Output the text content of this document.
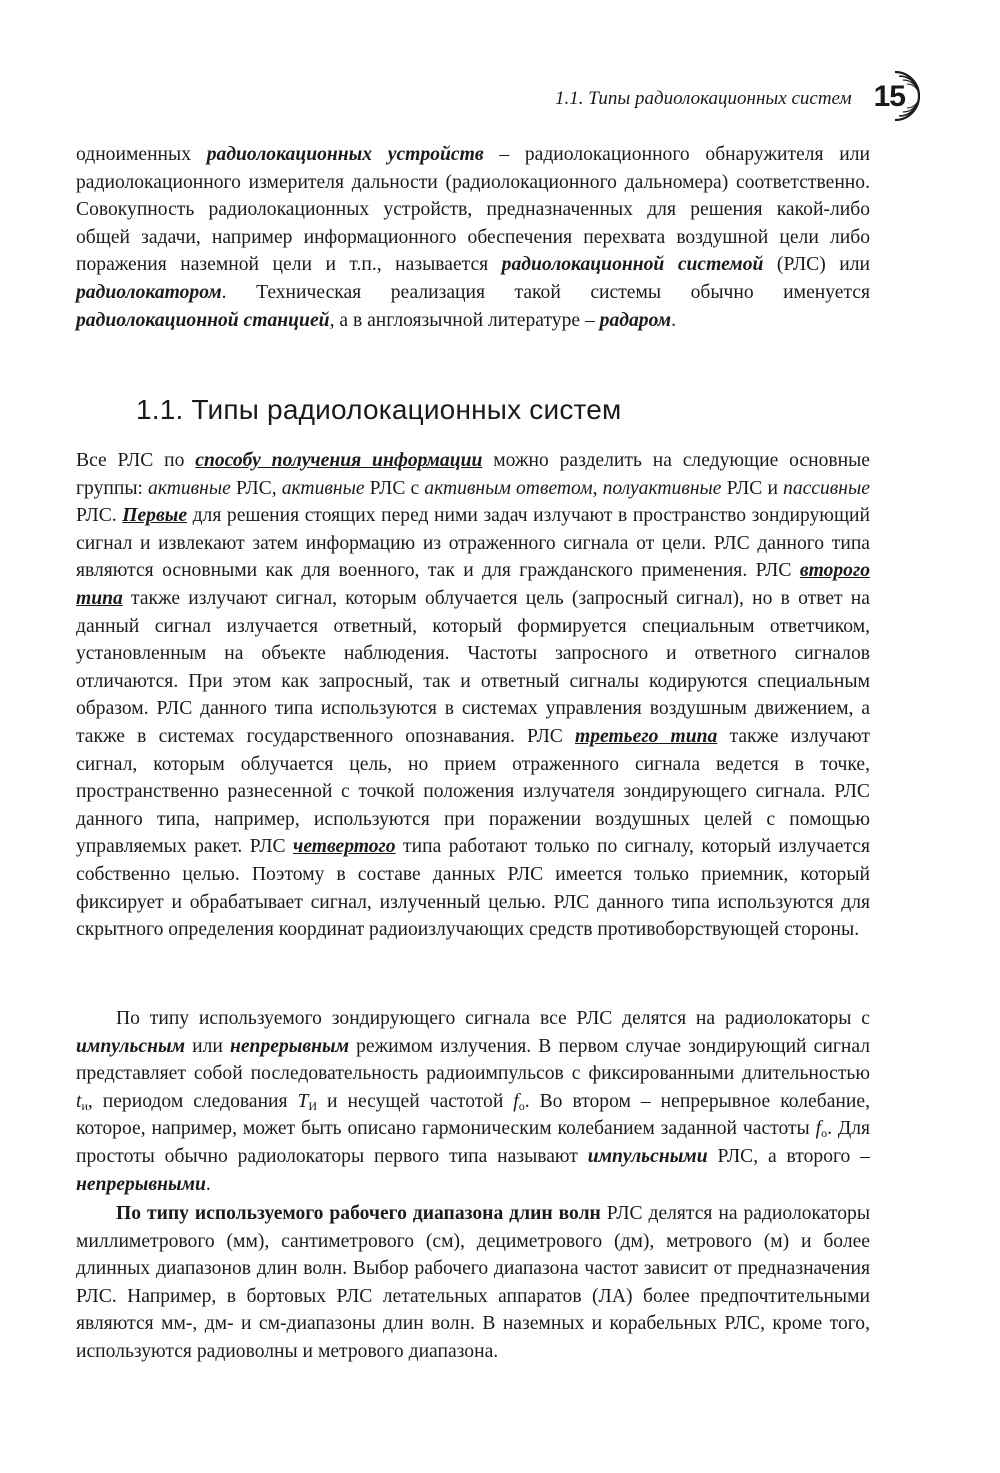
1.1. Типы радиолокационных систем 15

одноименных радиолокационных устройств – радиолокационного обнаружителя или радиолокационного измерителя дальности (радиолокационного дальномера) соответственно. Совокупность радиолокационных устройств, предназначенных для решения какой-либо общей задачи, например информационного обеспечения перехвата воздушной цели либо поражения наземной цели и т.п., называется радиолокационной системой (РЛС) или радиолокатором. Техническая реализация такой системы обычно именуется радиолокационной станцией, а в англоязычной литературе – радаром.

1.1. Типы радиолокационных систем

Все РЛС по способу получения информации можно разделить на следующие основные группы: активные РЛС, активные РЛС с активным ответом, полуактивные РЛС и пассивные РЛС. Первые для решения стоящих перед ними задач излучают в пространство зондирующий сигнал и извлекают затем информацию из отраженного сигнала от цели. РЛС данного типа являются основными как для военного, так и для гражданского применения. РЛС второго типа также излучают сигнал, которым облучается цель (запросный сигнал), но в ответ на данный сигнал излучается ответный, который формируется специальным ответчиком, установленным на объекте наблюдения. Частоты запросного и ответного сигналов отличаются. При этом как запросный, так и ответный сигналы кодируются специальным образом. РЛС данного типа используются в системах управления воздушным движением, а также в системах государственного опознавания. РЛС третьего типа также излучают сигнал, которым облучается цель, но прием отраженного сигнала ведется в точке, пространственно разнесенной с точкой положения излучателя зондирующего сигнала. РЛС данного типа, например, используются при поражении воздушных целей с помощью управляемых ракет. РЛС четвертого типа работают только по сигналу, который излучается собственно целью. Поэтому в составе данных РЛС имеется только приемник, который фиксирует и обрабатывает сигнал, излученный целью. РЛС данного типа используются для скрытного определения координат радиоизлучающих средств противоборствующей стороны.

По типу используемого зондирующего сигнала все РЛС делятся на радиолокаторы с импульсным или непрерывным режимом излучения. В первом случае зондирующий сигнал представляет собой последовательность радиоимпульсов с фиксированными длительностью $t_и$, периодом следования $T_И$ и несущей частотой $f_о$. Во втором – непрерывное колебание, которое, например, может быть описано гармоническим колебанием заданной частоты $f_о$. Для простоты обычно радиолокаторы первого типа называют импульсными РЛС, а второго – непрерывными.

По типу используемого рабочего диапазона длин волн РЛС делятся на радиолокаторы миллиметрового (мм), сантиметрового (см), дециметрового (дм), метрового (м) и более длинных диапазонов длин волн. Выбор рабочего диапазона частот зависит от предназначения РЛС. Например, в бортовых РЛС летательных аппаратов (ЛА) более предпочтительными являются мм-, дм- и см-диапазоны длин волн. В наземных и корабельных РЛС, кроме того, используются радиоволны и метрового диапазона.
